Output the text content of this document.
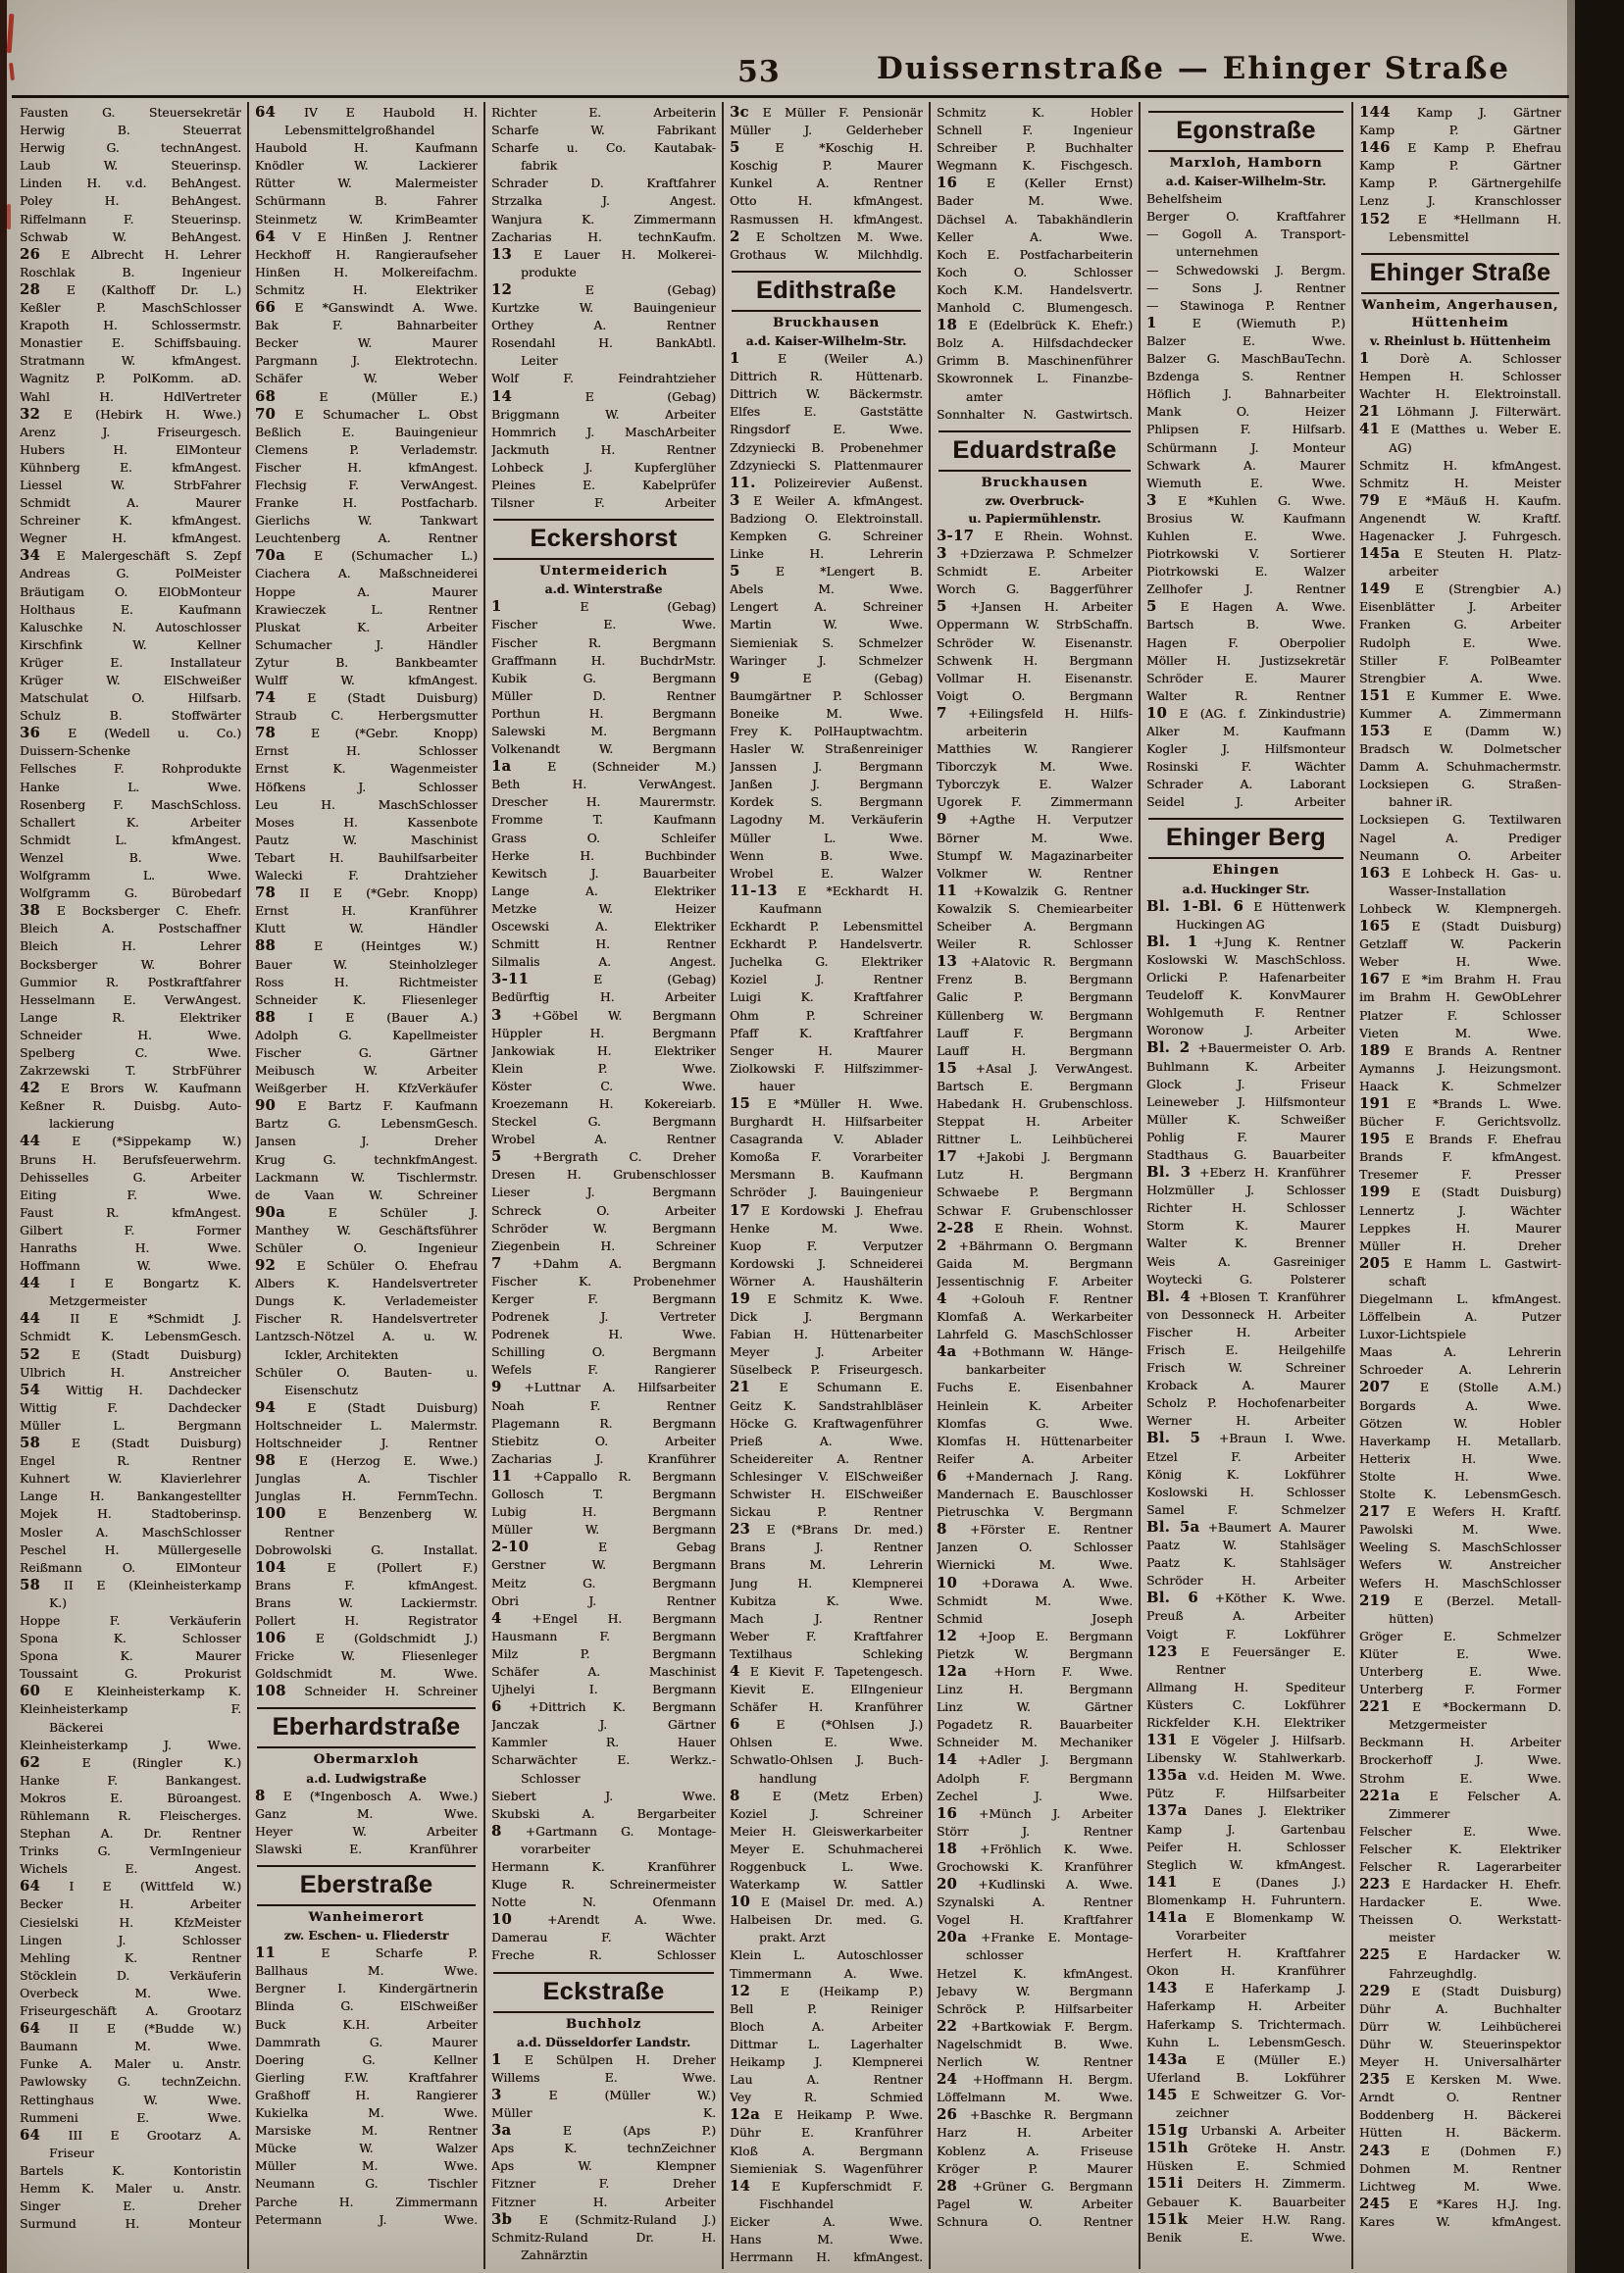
53	Duissernstraße — Ehinger Straße
Fausten G. Steuersekretär
Herwig B. Steuerrat
Herwig G. technAngest.
Laub W. Steuerinsp.
Linden H. v.d. BehAngest.
Poley H. BehAngest.
Riffelmann F. Steuerinsp.
Schwab W. BehAngest.
26 E Albrecht H. Lehrer
Roschlak B. Ingenieur
28 E (Kalthoff Dr. L.)
Keßler P. MaschSchlosser
Krapoth H. Schlossermstr.
Monastier E. Schiffsbauing.
Stratmann W. kfmAngest.
Wagnitz P. PolKomm. aD.
Wahl H. HdlVertreter
32 E (Hebirk H. Wwe.)
Arenz J. Friseurgesch.
Hubers H. ElMonteur
Kühnberg E. kfmAngest.
Liessel W. StrbFahrer
Schmidt A. Maurer
Schreiner K. kfmAngest.
Wegner H. kfmAngest.
34 E Malergeschäft S. Zepf
Andreas G. PolMeister
Bräutigam O. ElObMonteur
Holthaus E. Kaufmann
Kaluschke N. Autoschlosser
Kirschfink W. Kellner
Krüger E. Installateur
Krüger W. ElSchweißer
Matschulat O. Hilfsarb.
Schulz B. Stoffwärter
36 E (Wedell u. Co.)
Duissern-Schenke
Fellsches F. Rohprodukte
Hanke L. Wwe.
Rosenberg F. MaschSchloss.
Schallert K. Arbeiter
Schmidt L. kfmAngest.
Wenzel B. Wwe.
Wolfgramm L. Wwe.
Wolfgramm G. Bürobedarf
38 E Bocksberger C. Ehefr.
Bleich A. Postschaffner
Bleich H. Lehrer
Bocksberger W. Bohrer
Gummior R. Postkraftfahrer
Hesselmann E. VerwAngest.
Lange R. Elektriker
Schneider H. Wwe.
Spelberg C. Wwe.
Zakrzewski T. StrbFührer
42 E Brors W. Kaufmann
Keßner R. Duisbg. Auto-
lackierung
44 E (*Sippekamp W.)
Bruns H. Berufsfeuerwehrm.
Dehisselles G. Arbeiter
Eiting F. Wwe.
Faust R. kfmAngest.
Gilbert F. Former
Hanraths H. Wwe.
Hoffmann W. Wwe.
44 I E Bongartz K.
Metzgermeister
44 II E *Schmidt J.
Schmidt K. LebensmGesch.
52 E (Stadt Duisburg)
Ulbrich H. Anstreicher
54 Wittig H. Dachdecker
Wittig F. Dachdecker
Müller L. Bergmann
58 E (Stadt Duisburg)
Engel R. Rentner
Kuhnert W. Klavierlehrer
Lange H. Bankangestellter
Mojek H. Stadtoberinsp.
Mosler A. MaschSchlosser
Peschel H. Müllergeselle
Reißmann O. ElMonteur
58 II E (Kleinheisterkamp
K.)
Hoppe F. Verkäuferin
Spona K. Schlosser
Spona K. Maurer
Toussaint G. Prokurist
60 E Kleinheisterkamp K.
Kleinheisterkamp F.
Bäckerei
Kleinheisterkamp J. Wwe.
62 E (Ringler K.)
Hanke F. Bankangest.
Mokros E. Büroangest.
Rühlemann R. Fleischerges.
Stephan A. Dr. Rentner
Trinks G. VermIngenieur
Wichels E. Angest.
64 I E (Wittfeld W.)
Becker H. Arbeiter
Ciesielski H. KfzMeister
Lingen J. Schlosser
Mehling K. Rentner
Stöcklein D. Verkäuferin
Overbeck M. Wwe.
Friseurgeschäft A. Grootarz
64 II E (*Budde W.)
Baumann M. Wwe.
Funke A. Maler u. Anstr.
Pawlowsky G. technZeichn.
Rettinghaus W. Wwe.
Rummeni E. Wwe.
64 III E Grootarz A.
Friseur
Bartels K. Kontoristin
Hemm K. Maler u. Anstr.
Singer E. Dreher
Surmund H. Monteur
64 IV E Haubold H.
Lebensmittelgroßhandel
Haubold H. Kaufmann
Knödler W. Lackierer
Rütter W. Malermeister
Schürmann B. Fahrer
Steinmetz W. KrimBeamter
64 V E Hinßen J. Rentner
Heckhoff H. Rangieraufseher
Hinßen H. Molkereifachm.
Schmitz H. Elektriker
66 E *Ganswindt A. Wwe.
Bak F. Bahnarbeiter
Becker W. Maurer
Pargmann J. Elektrotechn.
Schäfer W. Weber
68 E (Müller E.)
70 E Schumacher L. Obst
Beßlich E. Bauingenieur
Clemens P. Verlademstr.
Fischer H. kfmAngest.
Flechsig F. VerwAngest.
Franke H. Postfacharb.
Gierlichs W. Tankwart
Leuchtenberg A. Rentner
70a E (Schumacher L.)
Ciachera A. Maßschneiderei
Hoppe A. Maurer
Krawieczek L. Rentner
Pluskat K. Arbeiter
Schumacher J. Händler
Zytur B. Bankbeamter
Wulff W. kfmAngest.
74 E (Stadt Duisburg)
Straub C. Herbergsmutter
78 E (*Gebr. Knopp)
Ernst H. Schlosser
Ernst K. Wagenmeister
Höfkens J. Schlosser
Leu H. MaschSchlosser
Moses H. Kassenbote
Pautz W. Maschinist
Tebart H. Bauhilfsarbeiter
Walecki F. Drahtzieher
78 II E (*Gebr. Knopp)
Ernst H. Kranführer
Klutt W. Händler
88 E (Heintges W.)
Bauer W. Steinholzleger
Ross H. Richtmeister
Schneider K. Fliesenleger
88 I E (Bauer A.)
Adolph G. Kapellmeister
Fischer G. Gärtner
Meibusch W. Arbeiter
Weißgerber H. KfzVerkäufer
90 E Bartz F. Kaufmann
Bartz G. LebensmGesch.
Jansen J. Dreher
Krug G. technkfmAngest.
Lackmann W. Tischlermstr.
de Vaan W. Schreiner
90a E Schüler J.
Manthey W. Geschäftsführer
Schüler O. Ingenieur
92 E Schüler O. Ehefrau
Albers K. Handelsvertreter
Dungs K. Verlademeister
Fischer R. Handelsvertreter
Lantzsch-Nötzel A. u. W.
Ickler, Architekten
Schüler O. Bauten- u.
Eisenschutz
94 E (Stadt Duisburg)
Holtschneider L. Malermstr.
Holtschneider J. Rentner
98 E (Herzog E. Wwe.)
Junglas A. Tischler
Junglas H. FernmTechn.
100 E Benzenberg W.
Rentner
Dobrowolski G. Installat.
104 E (Pollert F.)
Brans F. kfmAngest.
Brans W. Lackiermstr.
Pollert H. Registrator
106 E (Goldschmidt J.)
Fricke W. Fliesenleger
Goldschmidt M. Wwe.
108 Schneider H. Schreiner
Eberhardstraße
Obermarxloh
a.d. Ludwigstraße
8 E (*Ingenbosch A. Wwe.)
Ganz M. Wwe.
Heyer W. Arbeiter
Slawski E. Kranführer
Eberstraße
Wanheimerort
zw. Eschen- u. Fliederstr
11 E Scharfe P.
Ballhaus M. Wwe.
Bergner I. Kindergärtnerin
Blinda G. ElSchweißer
Buck K.H. Arbeiter
Dammrath G. Maurer
Doering G. Kellner
Gierling F.W. Kraftfahrer
Graßhoff H. Rangierer
Kukielka M. Wwe.
Marsiske M. Rentner
Mücke W. Walzer
Müller M. Wwe.
Neumann G. Tischler
Parche H. Zimmermann
Petermann J. Wwe.
Richter E. Arbeiterin
Scharfe W. Fabrikant
Scharfe u. Co. Kautabak-
fabrik
Schrader D. Kraftfahrer
Strzalka J. Angest.
Wanjura K. Zimmermann
Zacharias H. technKaufm.
13 E Lauer H. Molkerei-
produkte
12 E (Gebag)
Kurtzke W. Bauingenieur
Orthey A. Rentner
Rosendahl H. BankAbtl.
Leiter
Wolf F. Feindrahtzieher
14 E (Gebag)
Briggmann W. Arbeiter
Hommrich J. MaschArbeiter
Jackmuth H. Rentner
Lohbeck J. Kupferglüher
Pleines E. Kabelprüfer
Tilsner F. Arbeiter
Eckershorst
Untermeiderich
a.d. Winterstraße
1 E (Gebag)
Fischer E. Wwe.
Fischer R. Bergmann
Graffmann H. BuchdrMstr.
Kubik G. Bergmann
Müller D. Rentner
Porthun H. Bergmann
Salewski M. Bergmann
Volkenandt W. Bergmann
1a E (Schneider M.)
Beth H. VerwAngest.
Drescher H. Maurermstr.
Fromme T. Kaufmann
Grass O. Schleifer
Herke H. Buchbinder
Kewitsch J. Bauarbeiter
Lange A. Elektriker
Metzke W. Heizer
Oscewski A. Elektriker
Schmitt H. Rentner
Silmalis A. Angest.
3-11 E (Gebag)
Bedürftig H. Arbeiter
3 +Göbel W. Bergmann
Hüppler H. Bergmann
Jankowiak H. Elektriker
Klein P. Wwe.
Köster C. Wwe.
Kroezemann H. Kokereiarb.
Steckel G. Bergmann
Wrobel A. Rentner
5 +Bergrath C. Dreher
Dresen H. Grubenschlosser
Lieser J. Bergmann
Schreck O. Arbeiter
Schröder W. Bergmann
Ziegenbein H. Schreiner
7 +Dahm A. Bergmann
Fischer K. Probenehmer
Kerger F. Bergmann
Podrenek J. Vertreter
Podrenek H. Wwe.
Schilling O. Bergmann
Wefels F. Rangierer
9 +Luttnar A. Hilfsarbeiter
Noah F. Rentner
Plagemann R. Bergmann
Stiebitz O. Arbeiter
Zacharias J. Kranführer
11 +Cappallo R. Bergmann
Gollosch T. Bergmann
Lubig H. Bergmann
Müller W. Bergmann
2-10 E Gebag
Gerstner W. Bergmann
Meitz G. Bergmann
Obri J. Rentner
4 +Engel H. Bergmann
Hausmann F. Bergmann
Milz P. Bergmann
Schäfer A. Maschinist
Ujhelyi I. Bergmann
6 +Dittrich K. Bergmann
Janczak J. Gärtner
Kammler R. Hauer
Scharwächter E. Werkz.-
Schlosser
Siebert J. Wwe.
Skubski A. Bergarbeiter
8 +Gartmann G. Montage-
vorarbeiter
Hermann K. Kranführer
Kluge R. Schreinermeister
Notte N. Ofenmann
10 +Arendt A. Wwe.
Damerau F. Wächter
Freche R. Schlosser
Eckstraße
Buchholz
a.d. Düsseldorfer Landstr.
1 E Schülpen H. Dreher
Willems E. Wwe.
3 E (Müller W.)
Müller K.
3a E (Aps P.)
Aps K. technZeichner
Aps W. Klempner
Fitzner F. Dreher
Fitzner H. Arbeiter
3b E (Schmitz-Ruland J.)
Schmitz-Ruland Dr. H.
Zahnärztin
3c E Müller F. Pensionär
Müller J. Gelderheber
5 E *Koschig H.
Koschig P. Maurer
Kunkel A. Rentner
Otto H. kfmAngest.
Rasmussen H. kfmAngest.
2 E Scholtzen M. Wwe.
Grothaus W. Milchhdlg.
Edithstraße
Bruckhausen
a.d. Kaiser-Wilhelm-Str.
1 E (Weiler A.)
Dittrich R. Hüttenarb.
Dittrich W. Bäckermstr.
Elfes E. Gaststätte
Ringsdorf E. Wwe.
Zdzyniecki B. Probenehmer
Zdzyniecki S. Plattenmaurer
11. Polizeirevier Außenst.
3 E Weiler A. kfmAngest.
Badziong O. Elektroinstall.
Kempken G. Schreiner
Linke H. Lehrerin
5 E *Lengert B.
Abels M. Wwe.
Lengert A. Schreiner
Martin W. Wwe.
Siemieniak S. Schmelzer
Waringer J. Schmelzer
9 E (Gebag)
Baumgärtner P. Schlosser
Boneike M. Wwe.
Frey K. PolHauptwachtm.
Hasler W. Straßenreiniger
Janssen J. Bergmann
Janßen J. Bergmann
Kordek S. Bergmann
Lagodny M. Verkäuferin
Müller L. Wwe.
Wenn B. Wwe.
Wrobel E. Walzer
11-13 E *Eckhardt H.
Kaufmann
Eckhardt P. Lebensmittel
Eckhardt P. Handelsvertr.
Juchelka G. Elektriker
Koziel J. Rentner
Luigi K. Kraftfahrer
Ohm P. Schreiner
Pfaff K. Kraftfahrer
Senger H. Maurer
Ziolkowski F. Hilfszimmer-
hauer
15 E *Müller H. Wwe.
Burghardt H. Hilfsarbeiter
Casagranda V. Ablader
Komoßa F. Vorarbeiter
Mersmann B. Kaufmann
Schröder J. Bauingenieur
17 E Kordowski J. Ehefrau
Henke M. Wwe.
Kuop F. Verputzer
Kordowski J. Schneiderei
Wörner A. Haushälterin
19 E Schmitz K. Wwe.
Dick J. Bergmann
Fabian H. Hüttenarbeiter
Meyer J. Arbeiter
Süselbeck P. Friseurgesch.
21 E Schumann E.
Geitz K. Sandstrahlbläser
Höcke G. Kraftwagenführer
Prieß A. Wwe.
Scheidereiter A. Rentner
Schlesinger V. ElSchweißer
Schwister H. ElSchweißer
Sickau P. Rentner
23 E (*Brans Dr. med.)
Brans J. Rentner
Brans M. Lehrerin
Jung H. Klempnerei
Kubitza K. Wwe.
Mach J. Rentner
Weber F. Kraftfahrer
Textilhaus Schleking
4 E Kievit F. Tapetengesch.
Kievit E. ElIngenieur
Schäfer H. Kranführer
6 E (*Ohlsen J.)
Ohlsen E. Wwe.
Schwatlo-Ohlsen J. Buch-
handlung
8 E (Metz Erben)
Koziel J. Schreiner
Meier H. Gleiswerkarbeiter
Meyer E. Schuhmacherei
Roggenbuck L. Wwe.
Waterkamp W. Sattler
10 E (Maisel Dr. med. A.)
Halbeisen Dr. med. G.
prakt. Arzt
Klein L. Autoschlosser
Timmermann A. Wwe.
12 E (Heikamp P.)
Bell P. Reiniger
Bloch A. Arbeiter
Dittmar L. Lagerhalter
Heikamp J. Klempnerei
Lau A. Rentner
Vey R. Schmied
12a E Heikamp P. Wwe.
Dühr E. Kranführer
Kloß A. Bergmann
Siemieniak S. Wagenführer
14 E Kupferschmidt F.
Fischhandel
Eicker A. Wwe.
Hans M. Wwe.
Herrmann H. kfmAngest.
Schmitz K. Hobler
Schnell F. Ingenieur
Schreiber P. Buchhalter
Wegmann K. Fischgesch.
16 E (Keller Ernst)
Bader M. Wwe.
Dächsel A. Tabakhändlerin
Keller A. Wwe.
Koch E. Postfacharbeiterin
Koch O. Schlosser
Koch K.M. Handelsvertr.
Manhold C. Blumengesch.
18 E (Edelbrück K. Ehefr.)
Bolz A. Hilfsdachdecker
Grimm B. Maschinenführer
Skowronnek L. Finanzbe-
amter
Sonnhalter N. Gastwirtsch.
Eduardstraße
Bruckhausen
zw. Overbruck-
u. Papiermühlenstr.
3-17 E Rhein. Wohnst.
3 +Dzierzawa P. Schmelzer
Schmidt E. Arbeiter
Worch G. Baggerführer
5 +Jansen H. Arbeiter
Oppermann W. StrbSchaffn.
Schröder W. Eisenanstr.
Schwenk H. Bergmann
Vollmar H. Eisenanstr.
Voigt O. Bergmann
7 +Eilingsfeld H. Hilfs-
arbeiterin
Matthies W. Rangierer
Tiborczyk M. Wwe.
Tyborczyk E. Walzer
Ugorek F. Zimmermann
9 +Agthe H. Verputzer
Börner M. Wwe.
Stumpf W. Magazinarbeiter
Volkmer W. Rentner
11 +Kowalzik G. Rentner
Kowalzik S. Chemiearbeiter
Scheiber A. Bergmann
Weiler R. Schlosser
13 +Alatovic R. Bergmann
Frenz B. Bergmann
Galic P. Bergmann
Küllenberg W. Bergmann
Lauff F. Bergmann
Lauff H. Bergmann
15 +Asal J. VerwAngest.
Bartsch E. Bergmann
Habedank H. Grubenschloss.
Steppat H. Arbeiter
Rittner L. Leihbücherei
17 +Jakobi J. Bergmann
Lutz H. Bergmann
Schwaebe P. Bergmann
Schwar F. Grubenschlosser
2-28 E Rhein. Wohnst.
2 +Bährmann O. Bergmann
Gaida M. Bergmann
Jessentischnig F. Arbeiter
4 +Golouh F. Rentner
Klomfaß A. Werkarbeiter
Lahrfeld G. MaschSchlosser
4a +Bothmann W. Hänge-
bankarbeiter
Fuchs E. Eisenbahner
Heinlein K. Arbeiter
Klomfas G. Wwe.
Klomfas H. Hüttenarbeiter
Reifer A. Arbeiter
6 +Mandernach J. Rang.
Mandernach E. Bauschlosser
Pietruschka V. Bergmann
8 +Förster E. Rentner
Janzen O. Schlosser
Wiernicki M. Wwe.
10 +Dorawa A. Wwe.
Schmidt M. Wwe.
Schmid Joseph
12 +Joop E. Bergmann
Pietzk W. Bergmann
12a +Horn F. Wwe.
Linz H. Bergmann
Linz W. Gärtner
Pogadetz R. Bauarbeiter
Schneider M. Mechaniker
14 +Adler J. Bergmann
Adolph F. Bergmann
Zechel J. Wwe.
16 +Münch J. Arbeiter
Störr J. Rentner
18 +Fröhlich K. Wwe.
Grochowski K. Kranführer
20 +Kudlinski A. Wwe.
Szynalski A. Rentner
Vogel H. Kraftfahrer
20a +Franke E. Montage-
schlosser
Hetzel K. kfmAngest.
Jebavy W. Bergmann
Schröck P. Hilfsarbeiter
22 +Bartkowiak F. Bergm.
Nagelschmidt B. Wwe.
Nerlich W. Rentner
24 +Hoffmann H. Bergm.
Löffelmann M. Wwe.
26 +Baschke R. Bergmann
Harz H. Arbeiter
Koblenz A. Friseuse
Kröger P. Maurer
28 +Grüner G. Bergmann
Pagel W. Arbeiter
Schnura O. Rentner
Egonstraße
Marxloh, Hamborn
a.d. Kaiser-Wilhelm-Str.
Behelfsheim
Berger O. Kraftfahrer
— Gogoll A. Transport-
unternehmen
— Schwedowski J. Bergm.
— Sons J. Rentner
— Stawinoga P. Rentner
1 E (Wiemuth P.)
Balzer E. Wwe.
Balzer G. MaschBauTechn.
Bzdenga S. Rentner
Höflich J. Bahnarbeiter
Mank O. Heizer
Phlipsen F. Hilfsarb.
Schürmann J. Monteur
Schwark A. Maurer
Wiemuth E. Wwe.
3 E *Kuhlen G. Wwe.
Brosius W. Kaufmann
Kuhlen E. Wwe.
Piotrkowski V. Sortierer
Piotrkowski E. Walzer
Zellhofer J. Rentner
5 E Hagen A. Wwe.
Bartsch B. Wwe.
Hagen F. Oberpolier
Möller H. Justizsekretär
Schröder E. Maurer
Walter R. Rentner
10 E (AG. f. Zinkindustrie)
Alker M. Kaufmann
Kogler J. Hilfsmonteur
Rosinski F. Wächter
Schrader A. Laborant
Seidel J. Arbeiter
Ehinger Berg
Ehingen
a.d. Huckinger Str.
Bl. 1-Bl. 6 E Hüttenwerk
Huckingen AG
Bl. 1 +Jung K. Rentner
Koslowski W. MaschSchloss.
Orlicki P. Hafenarbeiter
Teudeloff K. KonvMaurer
Wohlgemuth F. Rentner
Woronow J. Arbeiter
Bl. 2 +Bauermeister O. Arb.
Buhlmann K. Arbeiter
Glock J. Friseur
Leineweber J. Hilfsmonteur
Müller K. Schweißer
Pohlig F. Maurer
Stadthaus G. Bauarbeiter
Bl. 3 +Eberz H. Kranführer
Holzmüller J. Schlosser
Richter H. Schlosser
Storm K. Maurer
Walter K. Brenner
Weis A. Gasreiniger
Woytecki G. Polsterer
Bl. 4 +Blosen T. Kranführer
von Dessonneck H. Arbeiter
Fischer H. Arbeiter
Frisch E. Heilgehilfe
Frisch W. Schreiner
Kroback A. Maurer
Scholz P. Hochofenarbeiter
Werner H. Arbeiter
Bl. 5 +Braun I. Wwe.
Etzel F. Arbeiter
König K. Lokführer
Koslowski H. Schlosser
Samel F. Schmelzer
Bl. 5a +Baumert A. Maurer
Paatz W. Stahlsäger
Paatz K. Stahlsäger
Schröder H. Arbeiter
Bl. 6 +Köther K. Wwe.
Preuß A. Arbeiter
Voigt F. Lokführer
123 E Feuersänger E.
Rentner
Allmang H. Spediteur
Küsters C. Lokführer
Rickfelder K.H. Elektriker
131 E Vögeler J. Hilfsarb.
Libensky W. Stahlwerkarb.
135a v.d. Heiden M. Wwe.
Pütz F. Hilfsarbeiter
137a Danes J. Elektriker
Kamp J. Gartenbau
Peifer H. Schlosser
Steglich W. kfmAngest.
141 E (Danes J.)
Blomenkamp H. Fuhruntern.
141a E Blomenkamp W.
Vorarbeiter
Herfert H. Kraftfahrer
Okon H. Kranführer
143 E Haferkamp J.
Haferkamp H. Arbeiter
Haferkamp S. Trichtermach.
Kuhn L. LebensmGesch.
143a E (Müller E.)
Uferland B. Lokführer
145 E Schweitzer G. Vor-
zeichner
151g Urbanski A. Arbeiter
151h Gröteke H. Anstr.
Hüsken E. Schmied
151i Deiters H. Zimmerm.
Gebauer K. Bauarbeiter
151k Meier H.W. Rang.
Benik E. Wwe.
144 Kamp J. Gärtner
Kamp P. Gärtner
146 E Kamp P. Ehefrau
Kamp P. Gärtner
Kamp P. Gärtnergehilfe
Lenz J. Kranschlosser
152 E *Hellmann H.
Lebensmittel
Ehinger Straße
Wanheim, Angerhausen,
Hüttenheim
v. Rheinlust b. Hüttenheim
1 Dorè A. Schlosser
Hempen H. Schlosser
Wachter H. Elektroinstall.
21 Löhmann J. Filterwärt.
41 E (Matthes u. Weber E.
AG)
Schmitz H. kfmAngest.
Schmitz H. Meister
79 E *Mäuß H. Kaufm.
Angenendt W. Kraftf.
Hagenacker J. Fuhrgesch.
145a E Steuten H. Platz-
arbeiter
149 E (Strengbier A.)
Eisenblätter J. Arbeiter
Franken G. Arbeiter
Rudolph E. Wwe.
Stiller F. PolBeamter
Strengbier A. Wwe.
151 E Kummer E. Wwe.
Kummer A. Zimmermann
153 E (Damm W.)
Bradsch W. Dolmetscher
Damm A. Schuhmachermstr.
Locksiepen G. Straßen-
bahner iR.
Locksiepen G. Textilwaren
Nagel A. Prediger
Neumann O. Arbeiter
163 E Lohbeck H. Gas- u.
Wasser-Installation
Lohbeck W. Klempnergeh.
165 E (Stadt Duisburg)
Getzlaff W. Packerin
Weber H. Wwe.
167 E *im Brahm H. Frau
im Brahm H. GewObLehrer
Platzer F. Schlosser
Vieten M. Wwe.
189 E Brands A. Rentner
Aymanns J. Heizungsmont.
Haack K. Schmelzer
191 E *Brands L. Wwe.
Bücher F. Gerichtsvollz.
195 E Brands F. Ehefrau
Brands F. kfmAngest.
Tresemer F. Presser
199 E (Stadt Duisburg)
Lennertz J. Wächter
Leppkes H. Maurer
Müller H. Dreher
205 E Hamm L. Gastwirt-
schaft
Diegelmann L. kfmAngest.
Löffelbein A. Putzer
Luxor-Lichtspiele
Maas A. Lehrerin
Schroeder A. Lehrerin
207 E (Stolle A.M.)
Borgards A. Wwe.
Götzen W. Hobler
Haverkamp H. Metallarb.
Hetterix H. Wwe.
Stolte H. Wwe.
Stolte K. LebensmGesch.
217 E Wefers H. Kraftf.
Pawolski M. Wwe.
Weeling S. MaschSchlosser
Wefers W. Anstreicher
Wefers H. MaschSchlosser
219 E (Berzel. Metall-
hütten)
Gröger E. Schmelzer
Klüter E. Wwe.
Unterberg E. Wwe.
Unterberg F. Former
221 E *Bockermann D.
Metzgermeister
Beckmann H. Arbeiter
Brockerhoff J. Wwe.
Strohm E. Wwe.
221a E Felscher A.
Zimmerer
Felscher E. Wwe.
Felscher K. Elektriker
Felscher R. Lagerarbeiter
223 E Hardacker H. Ehefr.
Hardacker E. Wwe.
Theissen O. Werkstatt-
meister
225 E Hardacker W.
Fahrzeughdlg.
229 E (Stadt Duisburg)
Dühr A. Buchhalter
Dürr W. Leihbücherei
Dühr W. Steuerinspektor
Meyer H. Universalhärter
235 E Kersken M. Wwe.
Arndt O. Rentner
Boddenberg H. Bäckerei
Hütten H. Bäckerm.
243 E (Dohmen F.)
Dohmen M. Rentner
Lichtweg M. Wwe.
245 E *Kares H.J. Ing.
Kares W. kfmAngest.
